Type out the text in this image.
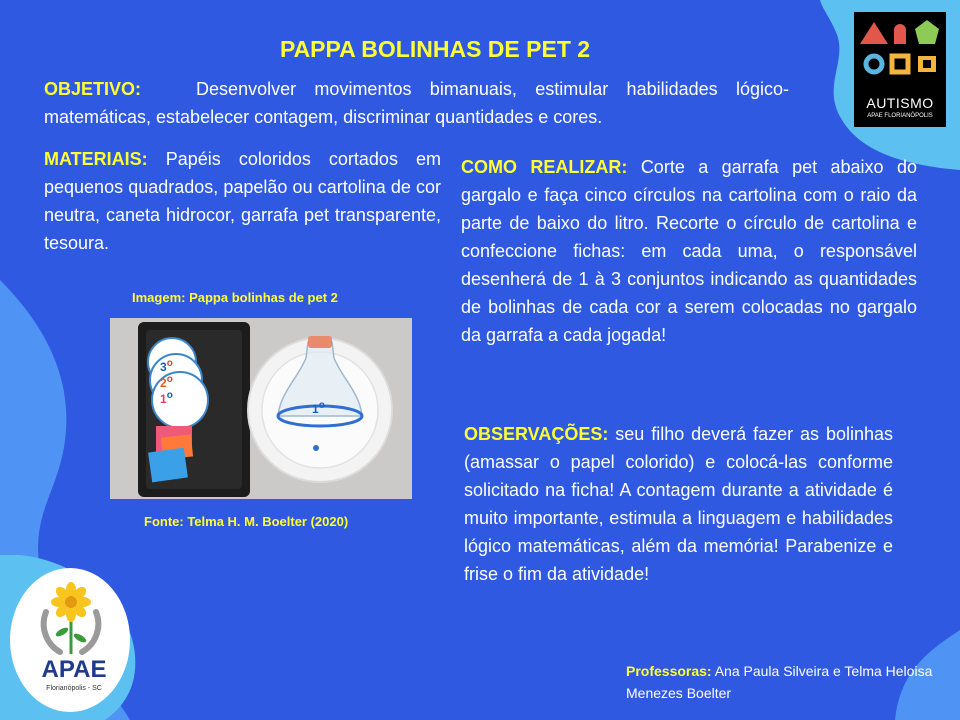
AUTISMO
APAE FLORIANÓPOLIS
PAPPA BOLINHAS DE PET 2
OBJETIVO:	Desenvolver movimentos bimanuais, estimular habilidades lógico-matemáticas, estabelecer contagem, discriminar quantidades e cores.
MATERIAIS: Papéis coloridos cortados em pequenos quadrados, papelão ou cartolina de cor neutra, caneta hidrocor, garrafa pet transparente, tesoura.
COMO REALIZAR: Corte a garrafa pet abaixo do gargalo e faça cinco círculos na cartolina com o raio da parte de baixo do litro. Recorte o círculo de cartolina e confeccione fichas: em cada uma, o responsável desenherá de 1 à 3 conjuntos indicando as quantidades de bolinhas de cada cor a serem colocadas no gargalo da garrafa a cada jogada!
Imagem: Pappa bolinhas de pet 2
3$^o$
2$^o$
1$^o$
1$^o$
Fonte: Telma H. M. Boelter (2020)
OBSERVAÇÕES: seu filho deverá fazer as bolinhas (amassar o papel colorido) e colocá-las conforme solicitado na ficha! A contagem durante a atividade é muito importante, estimula a linguagem e habilidades lógico matemáticas, além da memória! Parabenize e frise o fim da atividade!
APAE
Florianópolis - SC
Professoras: Ana Paula Silveira e Telma Heloisa Menezes Boelter
